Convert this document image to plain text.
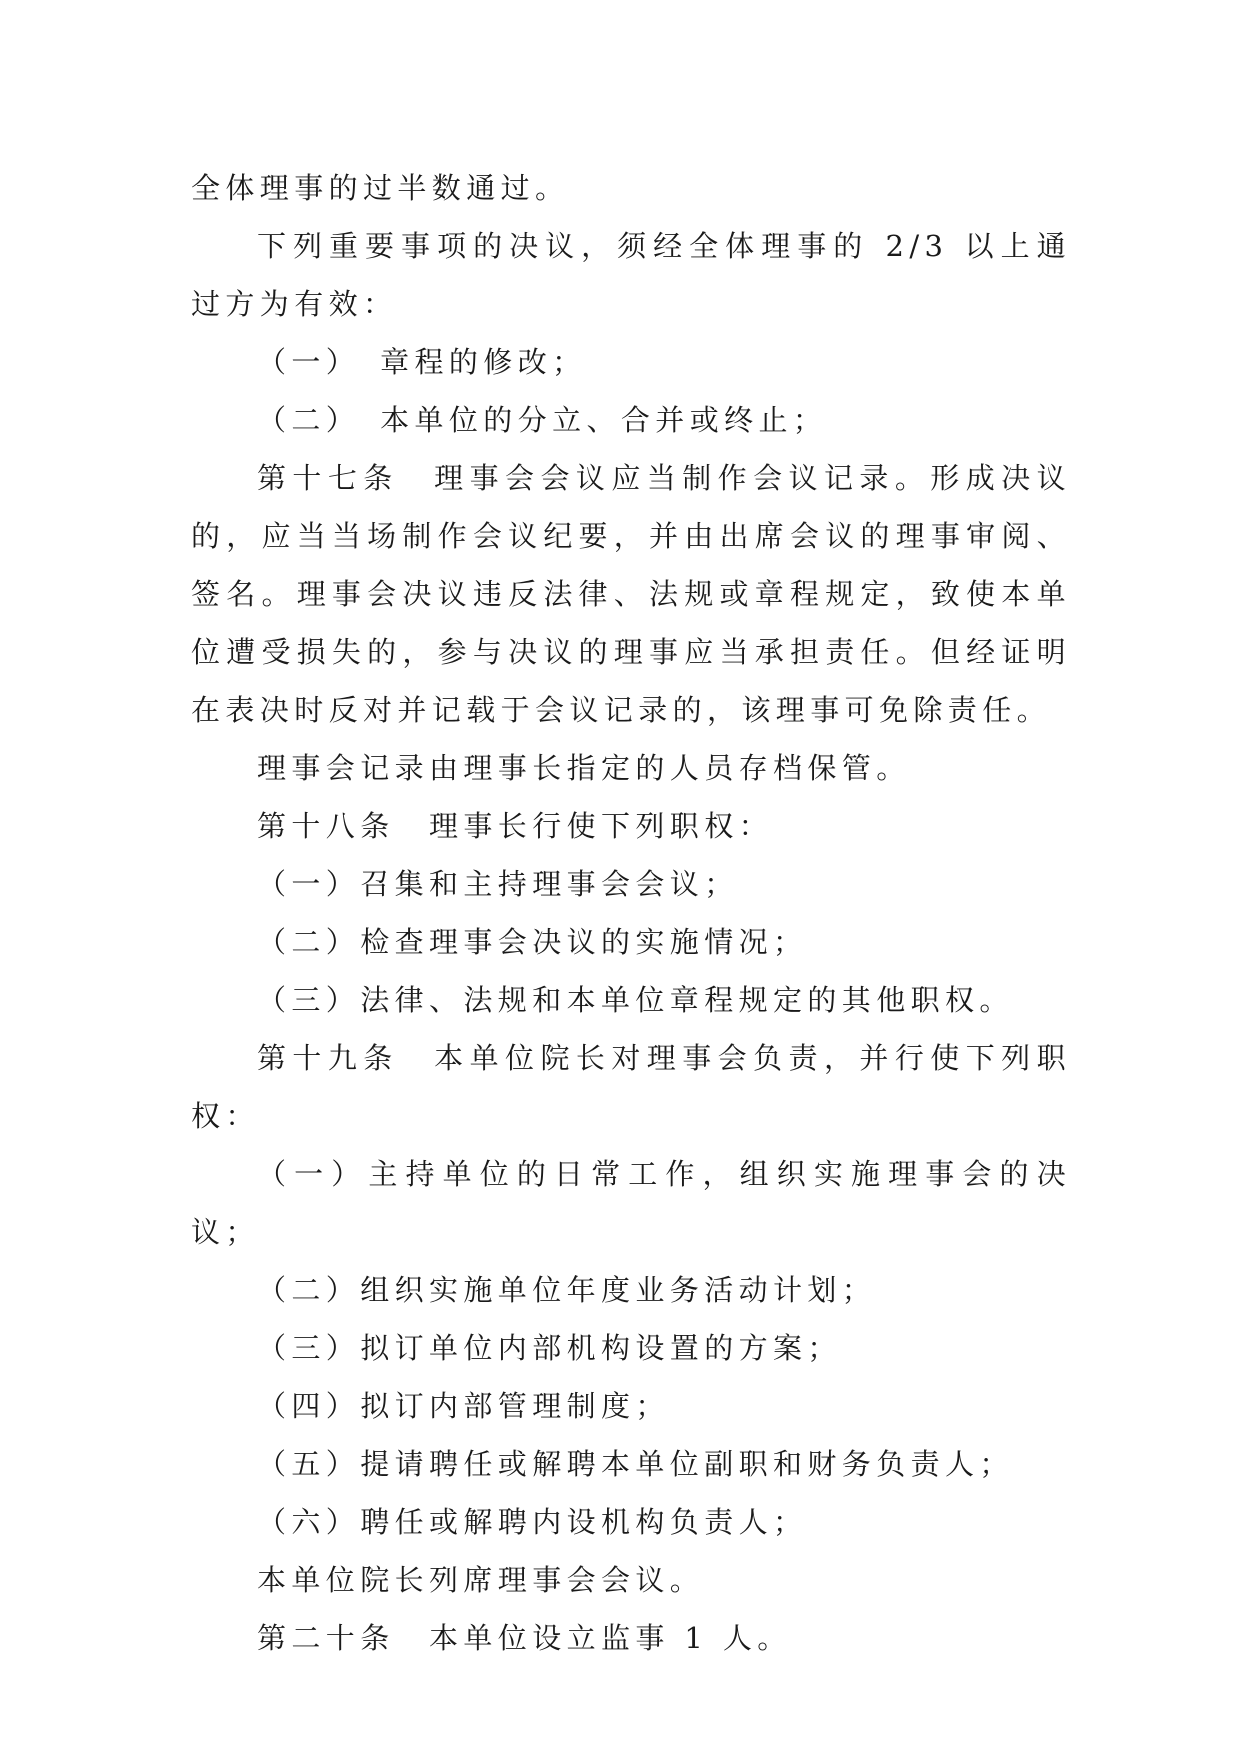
全体理事的过半数通过。

下列重要事项的决议，须经全体理事的 2/3 以上通过方为有效：

（一）　章程的修改；

（二）　本单位的分立、合并或终止；

第十七条　理事会会议应当制作会议记录。形成决议的，应当当场制作会议纪要，并由出席会议的理事审阅、签名。理事会决议违反法律、法规或章程规定，致使本单位遭受损失的，参与决议的理事应当承担责任。但经证明在表决时反对并记载于会议记录的，该理事可免除责任。

理事会记录由理事长指定的人员存档保管。

第十八条　理事长行使下列职权：

（一）召集和主持理事会会议；

（二）检查理事会决议的实施情况；

（三）法律、法规和本单位章程规定的其他职权。

第十九条　本单位院长对理事会负责，并行使下列职权：

（一）主持单位的日常工作，组织实施理事会的决议；

（二）组织实施单位年度业务活动计划；

（三）拟订单位内部机构设置的方案；

（四）拟订内部管理制度；

（五）提请聘任或解聘本单位副职和财务负责人；

（六）聘任或解聘内设机构负责人；

本单位院长列席理事会会议。

第二十条　本单位设立监事 1 人。
